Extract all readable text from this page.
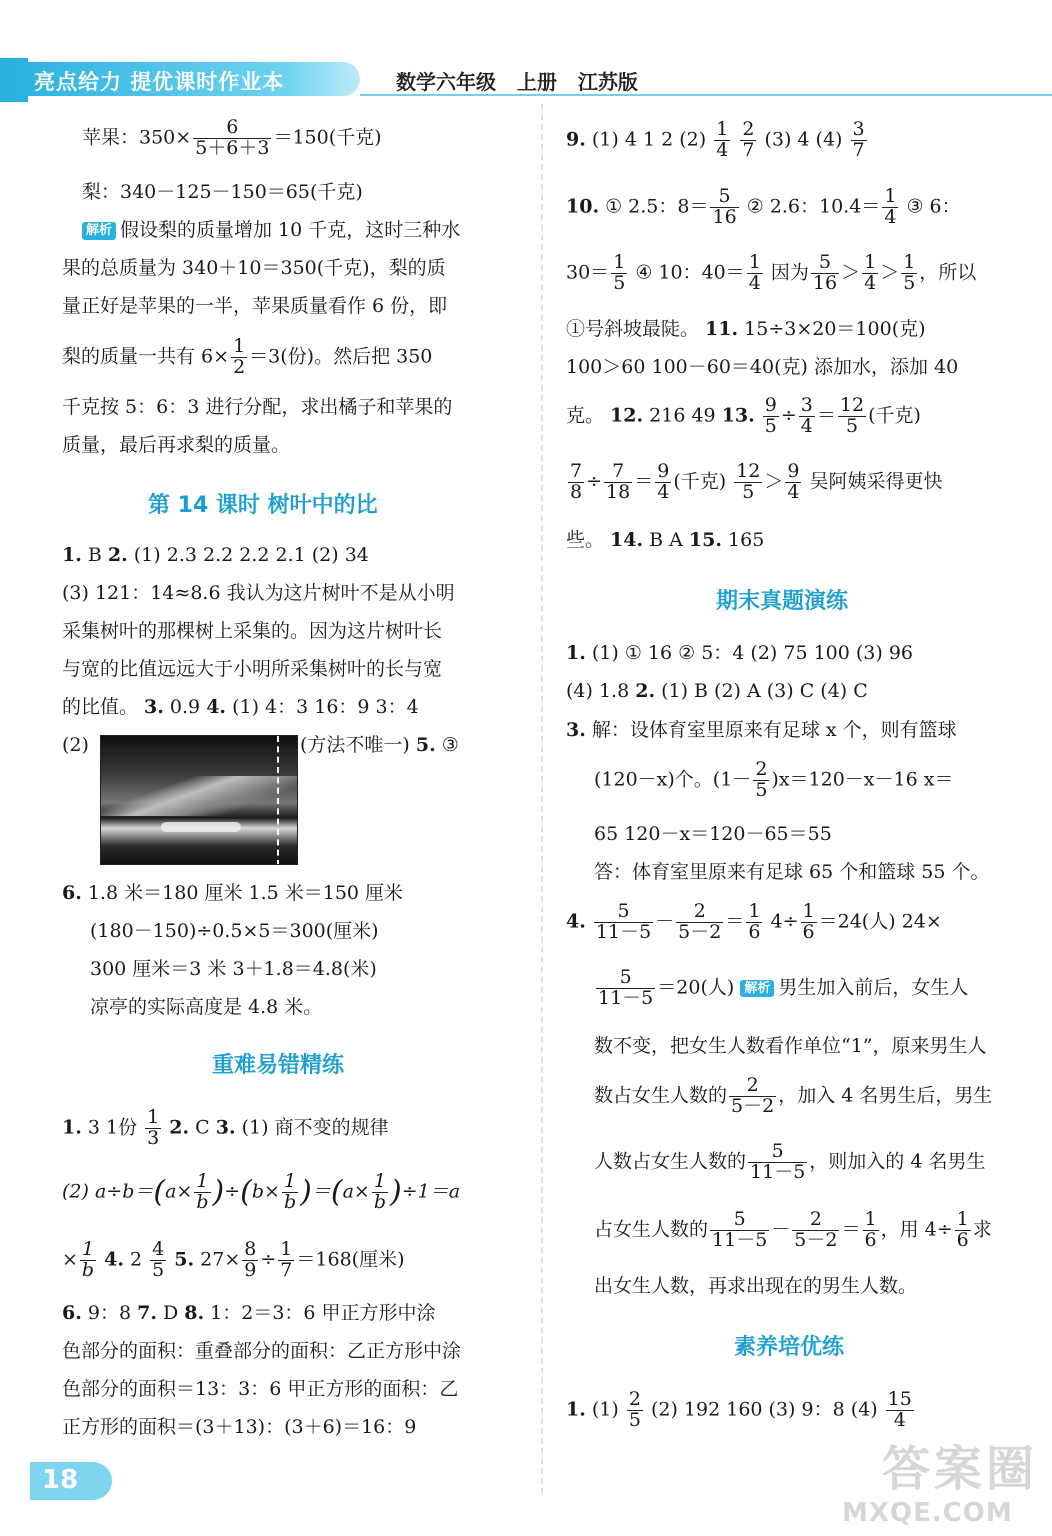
亮点给力 提优课时作业本	数学六年级 上册 江苏版
苹果：$350\times \frac{6}{5+6+3} =150$(千克)
梨：340－125－150＝65(千克)
解析 假设梨的质量增加 10 千克，这时三种水
果的总质量为 340＋10＝350(千克)，梨的质
量正好是苹果的一半，苹果质量看作 6 份，即
梨的质量一共有 $6\times \frac{1}{2} =3$(份)。然后把 350
千克按 5：6：3 进行分配，求出橘子和苹果的
质量，最后再求梨的质量。
第 14 课时 树叶中的比
1. B 2. (1) 2.3 2.2 2.2 2.1 (2) 34
(3) 121：14≈8.6 我认为这片树叶不是从小明
采集树叶的那棵树上采集的。因为这片树叶长
与宽的比值远远大于小明所采集树叶的长与宽
的比值。 3. 0.9 4. (1) 4：3 16：9 3：4
(2)	(方法不唯一) 5. ③
6. 1.8 米＝180 厘米 1.5 米＝150 厘米
(180－150)÷0.5×5＝300(厘米)
300 厘米＝3 米 3＋1.8＝4.8(米)
凉亭的实际高度是 4.8 米。
重难易错精练
1. 3 1份 $\frac{1}{3} 2$. C 3. (1) 商不变的规律
(2) $a\div b=(a\times \frac{1}{b} )\div(b\times \frac{1}{b} )=(a\times \frac{1}{b} )\div 1=a$
× $\frac{1}{b} 4$. $2 \frac{4}{5} 5$. $27\times \frac{8}{9} \div \frac{1}{7} =168$(厘米)
6. 9：8 7. D 8. 1：2＝3：6 甲正方形中涂
色部分的面积：重叠部分的面积：乙正方形中涂
色部分的面积＝13：3：6 甲正方形的面积：乙
正方形的面积＝(3＋13)：(3＋6)＝16：9
9. (1) 4 1 2 $(2) \frac{1}{4}$
$\frac{2}{7} (3)$ 4 $(4) \frac{3}{7}$
10. ① 2.5：$8= \frac{5}{16}$ ② 2.6：$10.4= \frac{1}{4}$ ③ 6：
$30= \frac{1}{5}$ ④ 10：$40= \frac{1}{4}$ 因为 $\frac{5}{16} > \frac{1}{4} > \frac{1}{5}$ ，所以
①号斜坡最陡。 11. 15÷3×20＝100(克)
100＞60 100－60＝40(克) 添加水，添加 40
克。 12. 216 49 13. $\frac{9}{5} \div \frac{3}{4} = \frac{12}{5}$ (千克)
$\frac{7}{8} \div \frac{7}{18} = \frac{9}{4}$ (千克) $\frac{12}{5} > \frac{9}{4}$ 吴阿姨采得更快
些。 14. B A 15. 165
期末真题演练
1. (1) ① 16 ② 5：4 (2) 75 100 (3) 96
(4) 1.8 2. (1) B (2) A (3) C (4) C
3. 解：设体育室里原来有足球 x 个，则有篮球
(120－x)个。$(1- \frac{2}{5} )x=120-x-16$ x＝
65 120－x＝120－65＝55
答：体育室里原来有足球 65 个和篮球 55 个。
4. $\frac{5}{11-5} - \frac{2}{5-2} = \frac{1}{6} 4\div \frac{1}{6} =24$(人) 24×
$\frac{5}{11-5} =20$(人) 解析 男生加入前后，女生人
数不变，把女生人数看作单位“1”，原来男生人
数占女生人数的 $\frac{2}{5-2}$ ，加入 4 名男生后，男生
人数占女生人数的 $\frac{5}{11-5}$ ，则加入的 4 名男生
占女生人数的 $\frac{5}{11-5} - \frac{2}{5-2} = \frac{1}{6}$ ，用 $4\div \frac{1}{6}$ 求
出女生人数，再求出现在的男生人数。
素养培优练
1. $(1) \frac{2}{5} (2)$ 192 160 (3) 9：8 $(4) \frac{15}{4}$
18	答案圈
MXQE.COM
